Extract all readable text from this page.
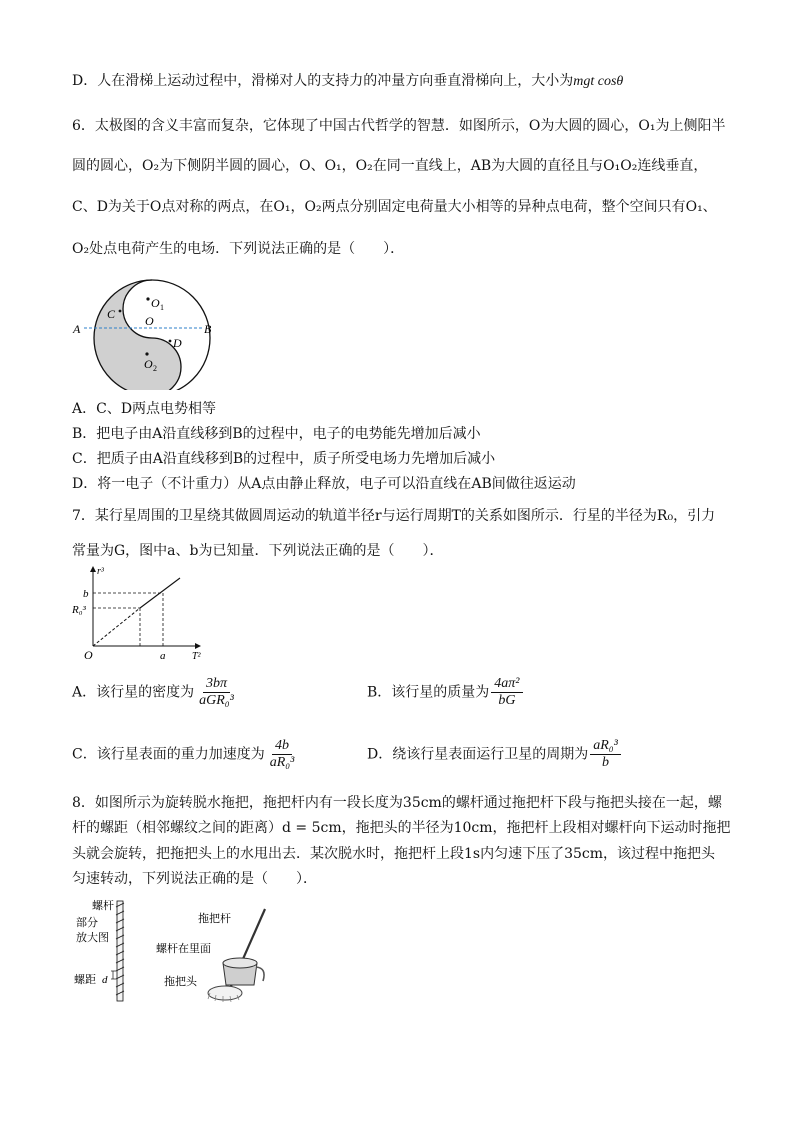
D．人在滑梯上运动过程中，滑梯对人的支持力的冲量方向垂直滑梯向上，大小为mgt cosθ
6．太极图的含义丰富而复杂，它体现了中国古代哲学的智慧．如图所示，O为大圆的圆心，O₁为上侧阳半
圆的圆心，O₂为下侧阴半圆的圆心，O、O₁，O₂在同一直线上，AB为大圆的直径且与O₁O₂连线垂直，
C、D为关于O点对称的两点，在O₁，O₂两点分别固定电荷量大小相等的异种点电荷，整个空间只有O₁、
O₂处点电荷产生的电场．下列说法正确的是（　　）．
A	B
C
D
O
O 1
O 2
A．C、D两点电势相等
B．把电子由A沿直线移到B的过程中，电子的电势能先增加后减小
C．把质子由A沿直线移到B的过程中，质子所受电场力先增加后减小
D．将一电子（不计重力）从A点由静止释放，电子可以沿直线在AB间做往返运动
7．某行星周围的卫星绕其做圆周运动的轨道半径r与运行周期T的关系如图所示．行星的半径为R₀，引力
常量为G，图中a、b为已知量．下列说法正确的是（　　）．
r³
b
R₀³
O	a	T²
A．该行星的密度为 $\frac{3b\pi}{\text{aGR₀³}}$	B．该行星的质量为 $\frac{\text{4aπ²}}{bG}$
C．该行星表面的重力加速度为 $\frac{4b}{\text{aR₀³}}$	D．绕该行星表面运行卫星的周期为 $\frac{\text{aR₀³}}{b}$
8．如图所示为旋转脱水拖把，拖把杆内有一段长度为35cm的螺杆通过拖把杆下段与拖把头接在一起，螺
杆的螺距（相邻螺纹之间的距离）d = 5cm，拖把头的半径为10cm，拖把杆上段相对螺杆向下运动时拖把
头就会旋转，把拖把头上的水甩出去．某次脱水时，拖把杆上段1s内匀速下压了35cm，该过程中拖把头
匀速转动，下列说法正确的是（　　）．
螺杆
部分
放大图
螺距 d
拖把杆
螺杆在里面
拖把头
